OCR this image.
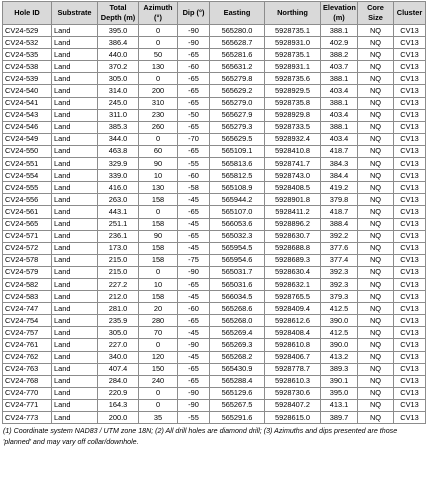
Hole ID	Substrate	Total Depth (m)	Azimuth (°)	Dip (°)	Easting	Northing	Elevation (m)	Core Size	Cluster
CV24-529	Land	395.0	0	-90	565280.0	5928735.1	388.1	NQ	CV13
CV24-532	Land	386.4	0	-90	565628.7	5928931.0	402.9	NQ	CV13
CV24-535	Land	440.0	50	-65	565281.6	5928735.1	388.2	NQ	CV13
CV24-538	Land	370.2	130	-60	565631.2	5928931.1	403.7	NQ	CV13
CV24-539	Land	305.0	0	-65	565279.8	5928735.6	388.1	NQ	CV13
CV24-540	Land	314.0	200	-65	565629.2	5928929.5	403.4	NQ	CV13
CV24-541	Land	245.0	310	-65	565279.0	5928735.8	388.1	NQ	CV13
CV24-543	Land	311.0	230	-50	565627.9	5928929.8	403.4	NQ	CV13
CV24-546	Land	385.3	260	-65	565279.3	5928733.5	388.1	NQ	CV13
CV24-549	Land	344.0	0	-70	565629.5	5928932.4	403.4	NQ	CV13
CV24-550	Land	463.8	60	-65	565109.1	5928410.8	418.7	NQ	CV13
CV24-551	Land	329.9	90	-55	565813.6	5928741.7	384.3	NQ	CV13
CV24-554	Land	339.0	10	-60	565812.5	5928743.0	384.4	NQ	CV13
CV24-555	Land	416.0	130	-58	565108.9	5928408.5	419.2	NQ	CV13
CV24-556	Land	263.0	158	-45	565944.2	5928901.8	379.8	NQ	CV13
CV24-561	Land	443.1	0	-65	565107.0	5928411.2	418.7	NQ	CV13
CV24-565	Land	251.1	158	-45	566053.6	5928896.2	388.4	NQ	CV13
CV24-571	Land	236.1	90	-65	565032.3	5928630.7	392.2	NQ	CV13
CV24-572	Land	173.0	158	-45	565954.5	5928688.8	377.6	NQ	CV13
CV24-578	Land	215.0	158	-75	565954.6	5928689.3	377.4	NQ	CV13
CV24-579	Land	215.0	0	-90	565031.7	5928630.4	392.3	NQ	CV13
CV24-582	Land	227.2	10	-65	565031.6	5928632.1	392.3	NQ	CV13
CV24-583	Land	212.0	158	-45	566034.5	5928765.5	379.3	NQ	CV13
CV24-747	Land	281.0	20	-60	565268.6	5928409.4	412.5	NQ	CV13
CV24-754	Land	235.9	280	-65	565268.0	5928612.6	390.0	NQ	CV13
CV24-757	Land	305.0	70	-45	565269.4	5928408.4	412.5	NQ	CV13
CV24-761	Land	227.0	0	-90	565269.3	5928610.8	390.0	NQ	CV13
CV24-762	Land	340.0	120	-45	565268.2	5928406.7	413.2	NQ	CV13
CV24-763	Land	407.4	150	-65	565430.9	5928778.7	389.3	NQ	CV13
CV24-768	Land	284.0	240	-65	565288.4	5928610.3	390.1	NQ	CV13
CV24-770	Land	220.9	0	-90	565129.6	5928730.6	395.0	NQ	CV13
CV24-771	Land	164.3	0	-90	565267.5	5928407.2	413.1	NQ	CV13
CV24-773	Land	200.0	35	-55	565291.6	5928615.0	389.7	NQ	CV13
(1) Coordinate system NAD83 / UTM zone 18N; (2) All drill holes are diamond drill; (3) Azimuths and dips presented are those 'planned' and may vary off collar/downhole.
